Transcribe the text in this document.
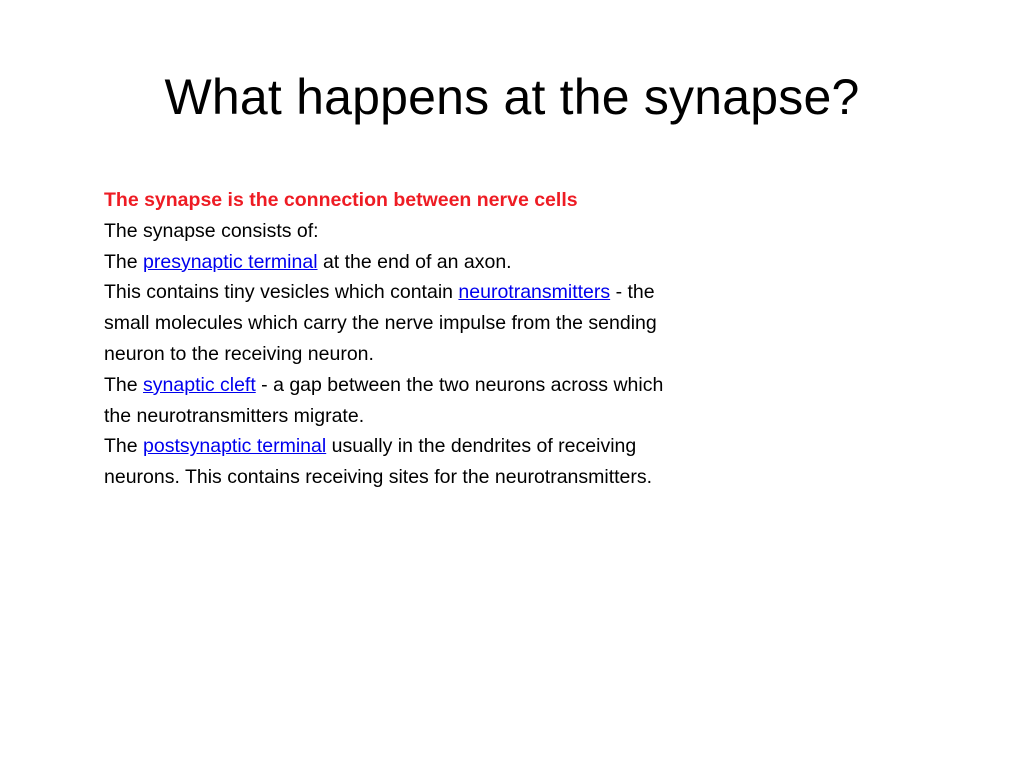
What happens at the synapse?
The synapse is the connection between nerve cells
The synapse consists of:
The presynaptic terminal at the end of an axon.
This contains tiny vesicles which contain neurotransmitters - the
small molecules which carry the nerve impulse from the sending
neuron to the receiving neuron.
The synaptic cleft - a gap between the two neurons across which
the neurotransmitters migrate.
The postsynaptic terminal usually in the dendrites of receiving
neurons. This contains receiving sites for the neurotransmitters.
